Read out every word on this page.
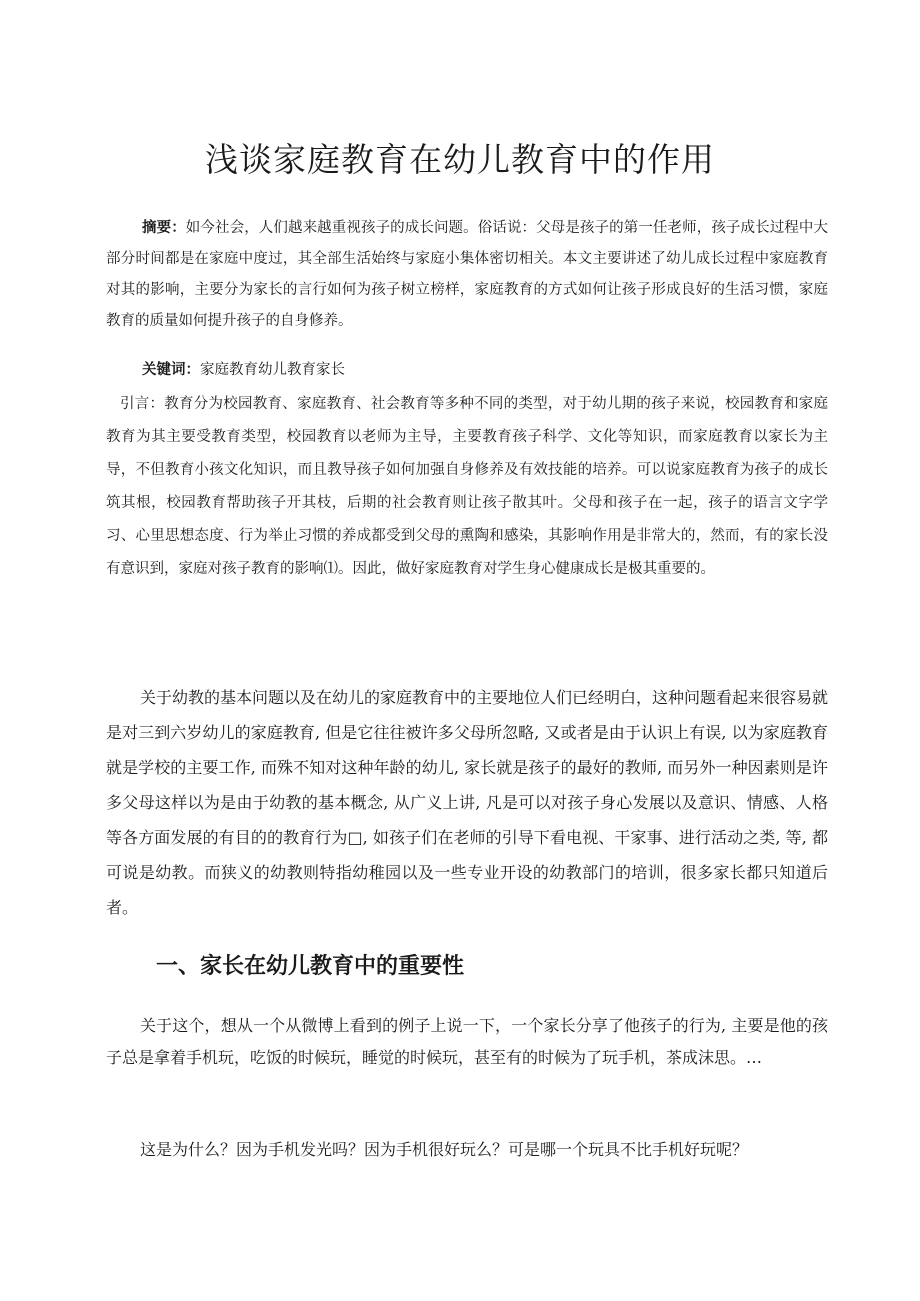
浅谈家庭教育在幼儿教育中的作用

摘要：如今社会，人们越来越重视孩子的成长问题。俗话说：父母是孩子的第一任老师，孩子成长过程中大部分时间都是在家庭中度过，其全部生活始终与家庭小集体密切相关。本文主要讲述了幼儿成长过程中家庭教育对其的影响，主要分为家长的言行如何为孩子树立榜样，家庭教育的方式如何让孩子形成良好的生活习惯，家庭教育的质量如何提升孩子的自身修养。

关键词：家庭教育幼儿教育家长

引言：教育分为校园教育、家庭教育、社会教育等多种不同的类型，对于幼儿期的孩子来说，校园教育和家庭教育为其主要受教育类型，校园教育以老师为主导，主要教育孩子科学、文化等知识，而家庭教育以家长为主导，不但教育小孩文化知识，而且教导孩子如何加强自身修养及有效技能的培养。可以说家庭教育为孩子的成长筑其根，校园教育帮助孩子开其枝，后期的社会教育则让孩子散其叶。父母和孩子在一起，孩子的语言文字学习、心里思想态度、行为举止习惯的养成都受到父母的熏陶和感染，其影响作用是非常大的，然而，有的家长没有意识到，家庭对孩子教育的影响⑴。因此，做好家庭教育对学生身心健康成长是极其重要的。

关于幼教的基本问题以及在幼儿的家庭教育中的主要地位人们已经明白，这种问题看起来很容易就是对三到六岁幼儿的家庭教育, 但是它往往被许多父母所忽略, 又或者是由于认识上有误, 以为家庭教育就是学校的主要工作, 而殊不知对这种年龄的幼儿, 家长就是孩子的最好的教师, 而另外一种因素则是许多父母这样以为是由于幼教的基本概念, 从广义上讲, 凡是可以对孩子身心发展以及意识、情感、人格等各方面发展的有目的的教育行为□, 如孩子们在老师的引导下看电视、干家事、进行活动之类, 等, 都可说是幼教。而狭义的幼教则特指幼稚园以及一些专业开设的幼教部门的培训，很多家长都只知道后者。

一、家长在幼儿教育中的重要性

关于这个，想从一个从微博上看到的例子上说一下，一个家长分享了他孩子的行为, 主要是他的孩子总是拿着手机玩，吃饭的时候玩，睡觉的时候玩，甚至有的时候为了玩手机，茶成沫思。…

这是为什么？因为手机发光吗？因为手机很好玩么？可是哪一个玩具不比手机好玩呢？
